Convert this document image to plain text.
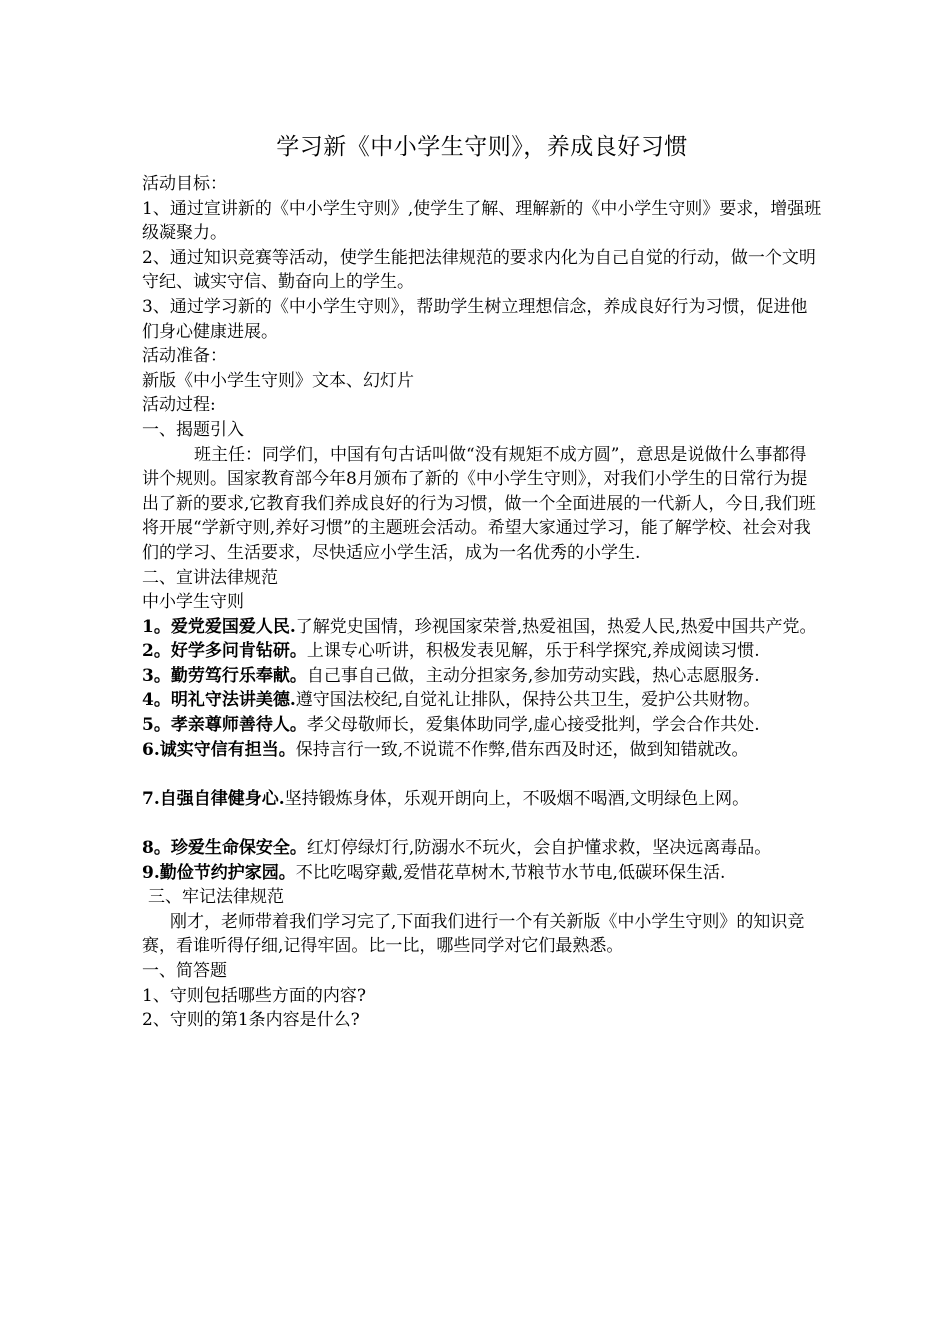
学习新《中小学生守则》，养成良好习惯

活动目标：

1、通过宣讲新的《中小学生守则》,使学生了解、理解新的《中小学生守则》要求，增强班级凝聚力。

2、通过知识竞赛等活动，使学生能把法律规范的要求内化为自己自觉的行动，做一个文明守纪、诚实守信、勤奋向上的学生。

3、通过学习新的《中小学生守则》，帮助学生树立理想信念，养成良好行为习惯，促进他们身心健康进展。

活动准备：

新版《中小学生守则》文本、幻灯片

活动过程:

一、揭题引入

班主任：同学们，中国有句古话叫做“没有规矩不成方圆”，意思是说做什么事都得讲个规则。国家教育部今年8月颁布了新的《中小学生守则》，对我们小学生的日常行为提出了新的要求,它教育我们养成良好的行为习惯，做一个全面进展的一代新人，今日,我们班将开展“学新守则,养好习惯”的主题班会活动。希望大家通过学习，能了解学校、社会对我们的学习、生活要求，尽快适应小学生活，成为一名优秀的小学生.

二、宣讲法律规范

中小学生守则

1。爱党爱国爱人民.了解党史国情，珍视国家荣誉,热爱祖国，热爱人民,热爱中国共产党。

2。好学多问肯钻研。上课专心听讲，积极发表见解，乐于科学探究,养成阅读习惯.

3。勤劳笃行乐奉献。自己事自己做，主动分担家务,参加劳动实践，热心志愿服务.

4。明礼守法讲美德.遵守国法校纪,自觉礼让排队，保持公共卫生，爱护公共财物。

5。孝亲尊师善待人。孝父母敬师长，爱集体助同学,虚心接受批判，学会合作共处.

6.诚实守信有担当。保持言行一致,不说谎不作弊,借东西及时还，做到知错就改。

7.自强自律健身心.坚持锻炼身体，乐观开朗向上，不吸烟不喝酒,文明绿色上网。

8。珍爱生命保安全。红灯停绿灯行,防溺水不玩火，会自护懂求救，坚决远离毒品。

9.勤俭节约护家园。不比吃喝穿戴,爱惜花草树木,节粮节水节电,低碳环保生活.

三、牢记法律规范

刚才，老师带着我们学习完了,下面我们进行一个有关新版《中小学生守则》的知识竞赛，看谁听得仔细,记得牢固。比一比，哪些同学对它们最熟悉。

一、简答题

1、守则包括哪些方面的内容?

2、守则的第1条内容是什么?
